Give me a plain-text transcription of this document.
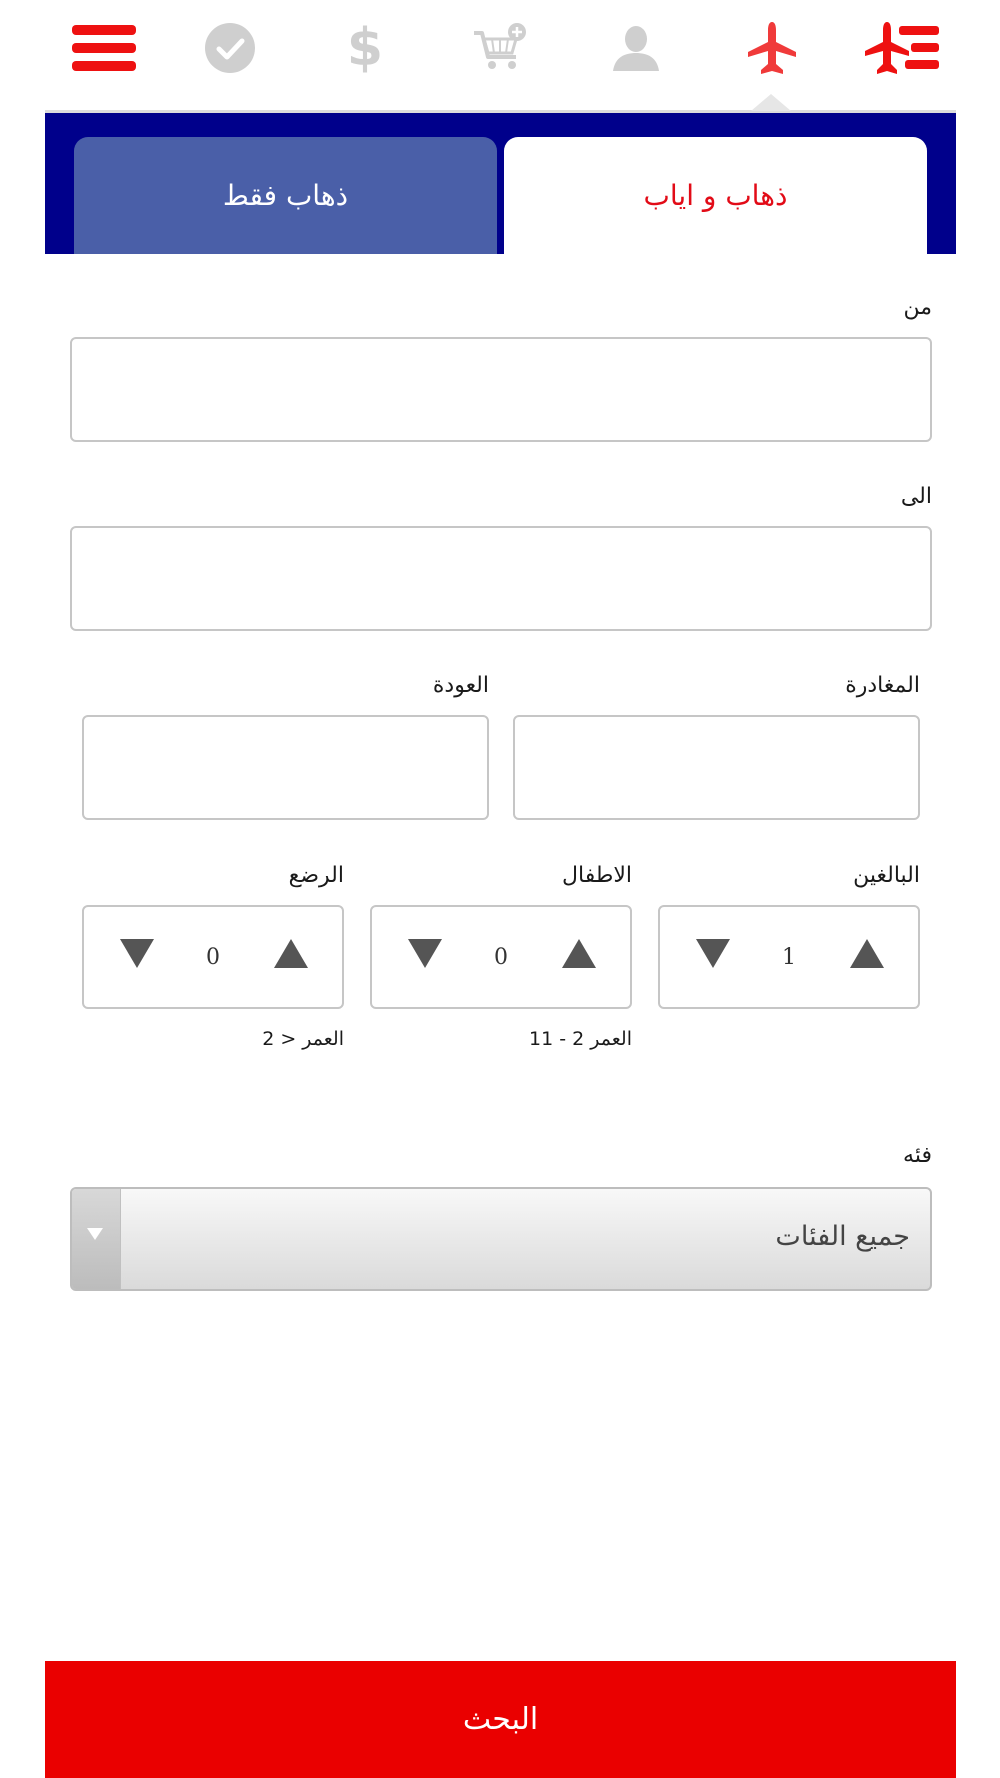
$
ذهاب و اياب
ذهاب فقط
من
الى
المغادرة
العودة
البالغين
الاطفال
الرضع
1
0
0
العمر 2 - 11
العمر < 2
فئه
جميع الفئات
البحث
